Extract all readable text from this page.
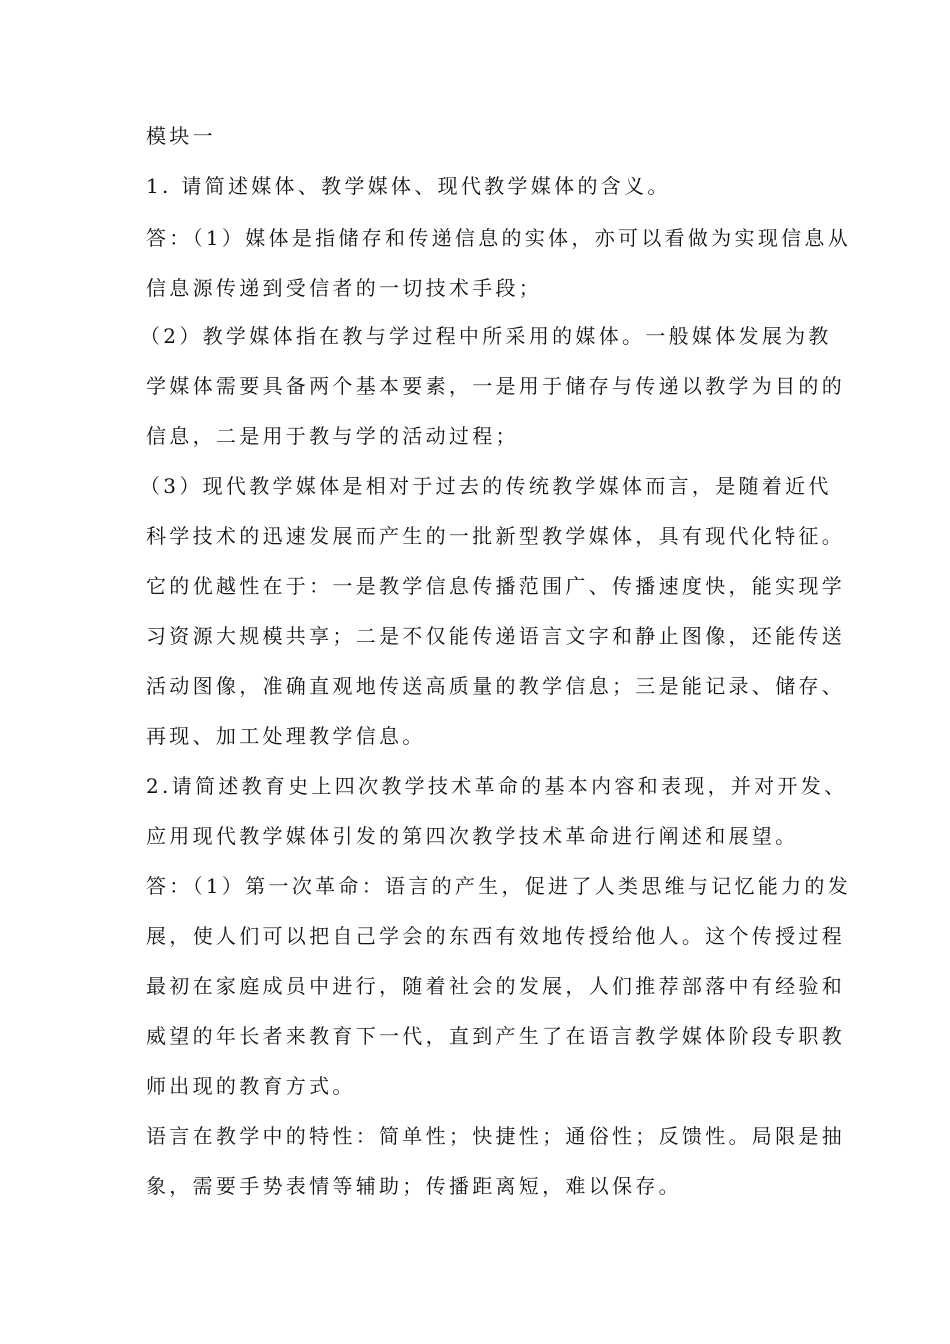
模块一
1. 请简述媒体、教学媒体、现代教学媒体的含义。
答：（1）媒体是指储存和传递信息的实体，亦可以看做为实现信息从
信息源传递到受信者的一切技术手段；
（2）教学媒体指在教与学过程中所采用的媒体。一般媒体发展为教
学媒体需要具备两个基本要素，一是用于储存与传递以教学为目的的
信息，二是用于教与学的活动过程；
（3）现代教学媒体是相对于过去的传统教学媒体而言，是随着近代
科学技术的迅速发展而产生的一批新型教学媒体，具有现代化特征。
它的优越性在于：一是教学信息传播范围广、传播速度快，能实现学
习资源大规模共享；二是不仅能传递语言文字和静止图像，还能传送
活动图像，准确直观地传送高质量的教学信息；三是能记录、储存、
再现、加工处理教学信息。
2.请简述教育史上四次教学技术革命的基本内容和表现，并对开发、
应用现代教学媒体引发的第四次教学技术革命进行阐述和展望。
答：（1）第一次革命：语言的产生，促进了人类思维与记忆能力的发
展，使人们可以把自己学会的东西有效地传授给他人。这个传授过程
最初在家庭成员中进行，随着社会的发展，人们推荐部落中有经验和
威望的年长者来教育下一代，直到产生了在语言教学媒体阶段专职教
师出现的教育方式。
语言在教学中的特性：简单性；快捷性；通俗性；反馈性。局限是抽
象，需要手势表情等辅助；传播距离短，难以保存。
